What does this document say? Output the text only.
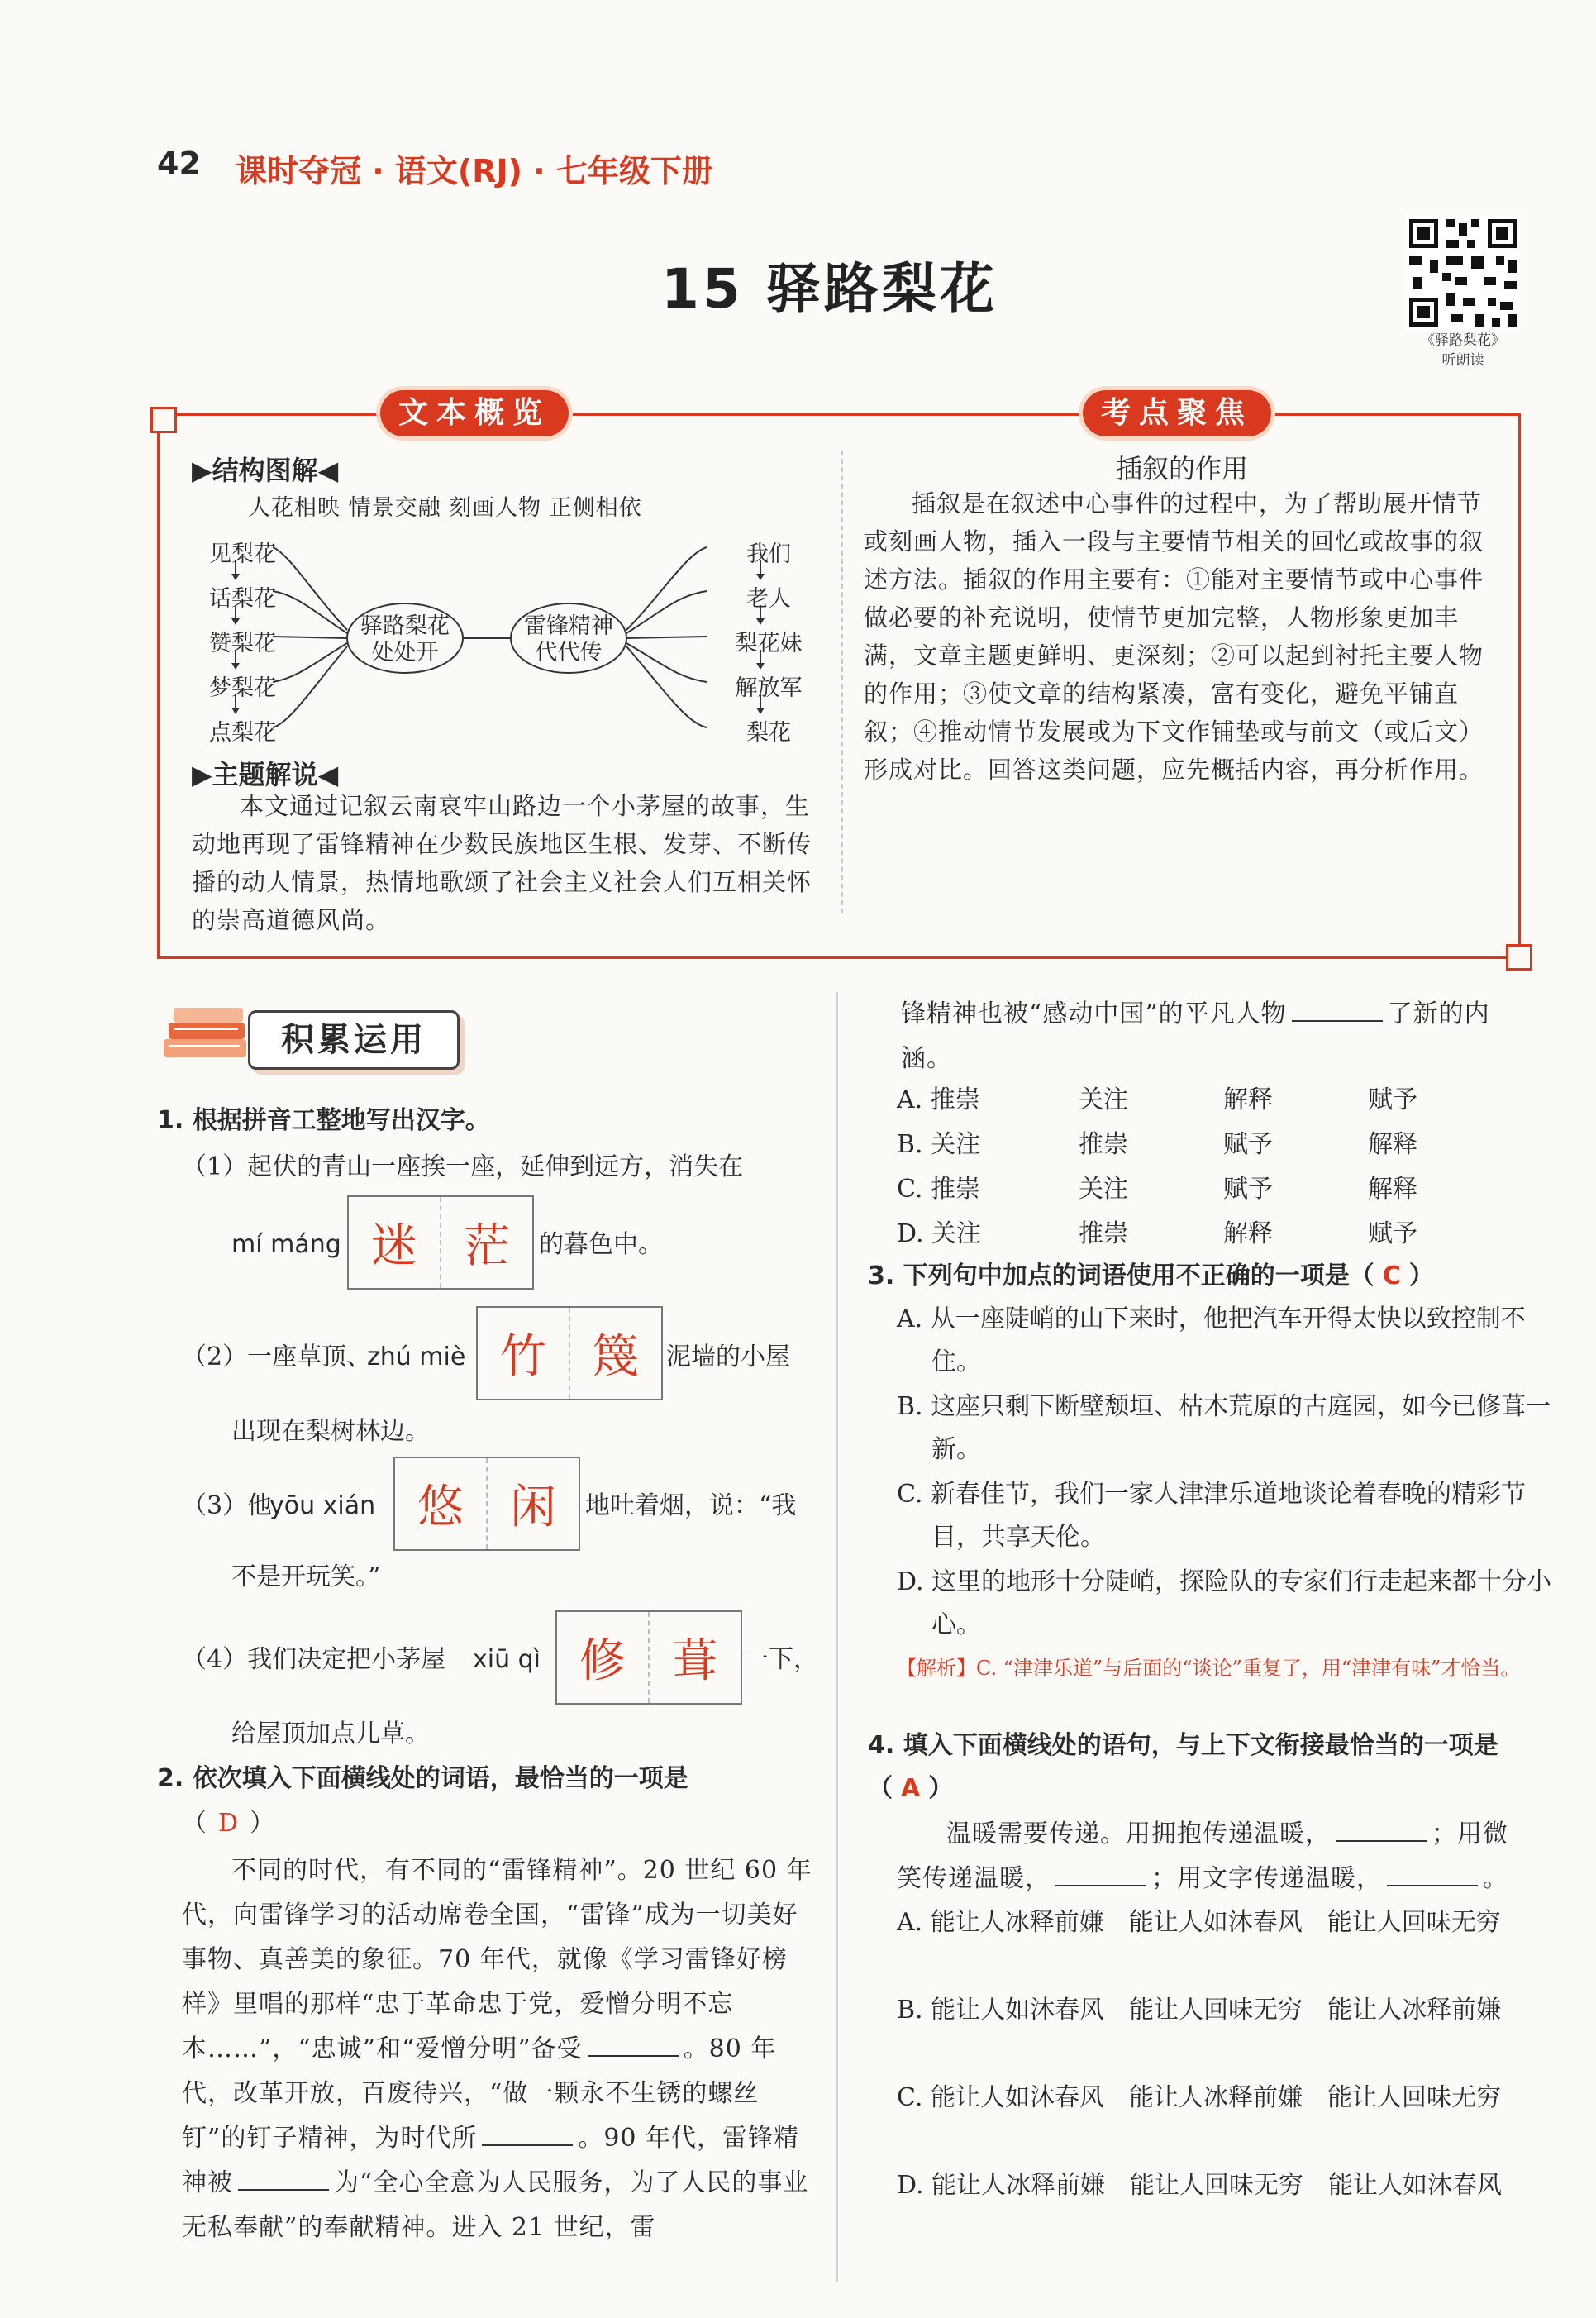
42 课时夺冠 · 语文(RJ) · 七年级下册
15 驿路梨花
《驿路梨花》
听朗读
文本概览	考点聚焦
▶结构图解◀
人花相映 情景交融 刻画人物 正侧相依
见梨花
话梨花
赞梨花
梦梨花
点梨花
驿路梨花处处开
雷锋精神代代传
我们
老人
梨花妹
解放军
梨花
▶主题解说◀
本文通过记叙云南哀牢山路边一个小茅屋的故事，生动地再现了雷锋精神在少数民族地区生根、发芽、不断传播的动人情景，热情地歌颂了社会主义社会人们互相关怀的崇高道德风尚。
插叙的作用
插叙是在叙述中心事件的过程中，为了帮助展开情节或刻画人物，插入一段与主要情节相关的回忆或故事的叙述方法。插叙的作用主要有：①能对主要情节或中心事件做必要的补充说明，使情节更加完整，人物形象更加丰满，文章主题更鲜明、更深刻；②可以起到衬托主要人物的作用；③使文章的结构紧凑，富有变化，避免平铺直叙；④推动情节发展或为下文作铺垫或与前文（或后文）形成对比。回答这类问题，应先概括内容，再分析作用。
积累运用
1. 根据拼音工整地写出汉字。
（1）起伏的青山一座挨一座，延伸到远方，消失在
mí máng 迷	茫	的暮色中。
（2）一座草顶、
zhú miè 竹	篾	泥墙的小屋
出现在梨树林边。
（3）他
yōu xián 悠	闲	地吐着烟，说：“我
不是开玩笑。”
（4）我们决定把小茅屋 xiū qì 修	葺	一下，
给屋顶加点儿草。
2. 依次填入下面横线处的词语，最恰当的一项是
（ D ）
不同的时代，有不同的“雷锋精神”。20 世纪 60 年代，向雷锋学习的活动席卷全国，“雷锋”成为一切美好事物、真善美的象征。70 年代，就像《学习雷锋好榜样》里唱的那样“忠于革命忠于党，爱憎分明不忘本……”，“忠诚”和“爱憎分明”备受	。80 年代，改革开放，百废待兴，“做一颗永不生锈的螺丝钉”的钉子精神，为时代所	。90 年代，雷锋精神被	为“全心全意为人民服务，为了人民的事业无私奉献”的奉献精神。进入 21 世纪，雷
锋精神也被“感动中国”的平凡人物	了新的内涵。
A. 推崇	关注	解释	赋予
B. 关注	推崇	赋予	解释
C. 推崇	关注	赋予	解释
D. 关注	推崇	解释	赋予
3. 下列句中加点的词语使用不正确的一项是（ C ）
A. 从一座陡峭的山下来时，他把汽车开得太快以致控制不住。
B. 这座只剩下断壁颓垣、枯木荒原的古庭园，如今已修葺一新。
C. 新春佳节，我们一家人津津乐道地谈论着春晚的精彩节目，共享天伦。
D. 这里的地形十分陡峭，探险队的专家们行走起来都十分小心。
【解析】C. “津津乐道”与后面的“谈论”重复了，用“津津有味”才恰当。
4. 填入下面横线处的语句，与上下文衔接最恰当的一项是（ A ）
温暖需要传递。用拥抱传递温暖，	；用微笑传递温暖，	；用文字传递温暖，	。
A. 能让人冰释前嫌　能让人如沐春风　能让人回味无穷
B. 能让人如沐春风　能让人回味无穷　能让人冰释前嫌
C. 能让人如沐春风　能让人冰释前嫌　能让人回味无穷
D. 能让人冰释前嫌　能让人回味无穷　能让人如沐春风
